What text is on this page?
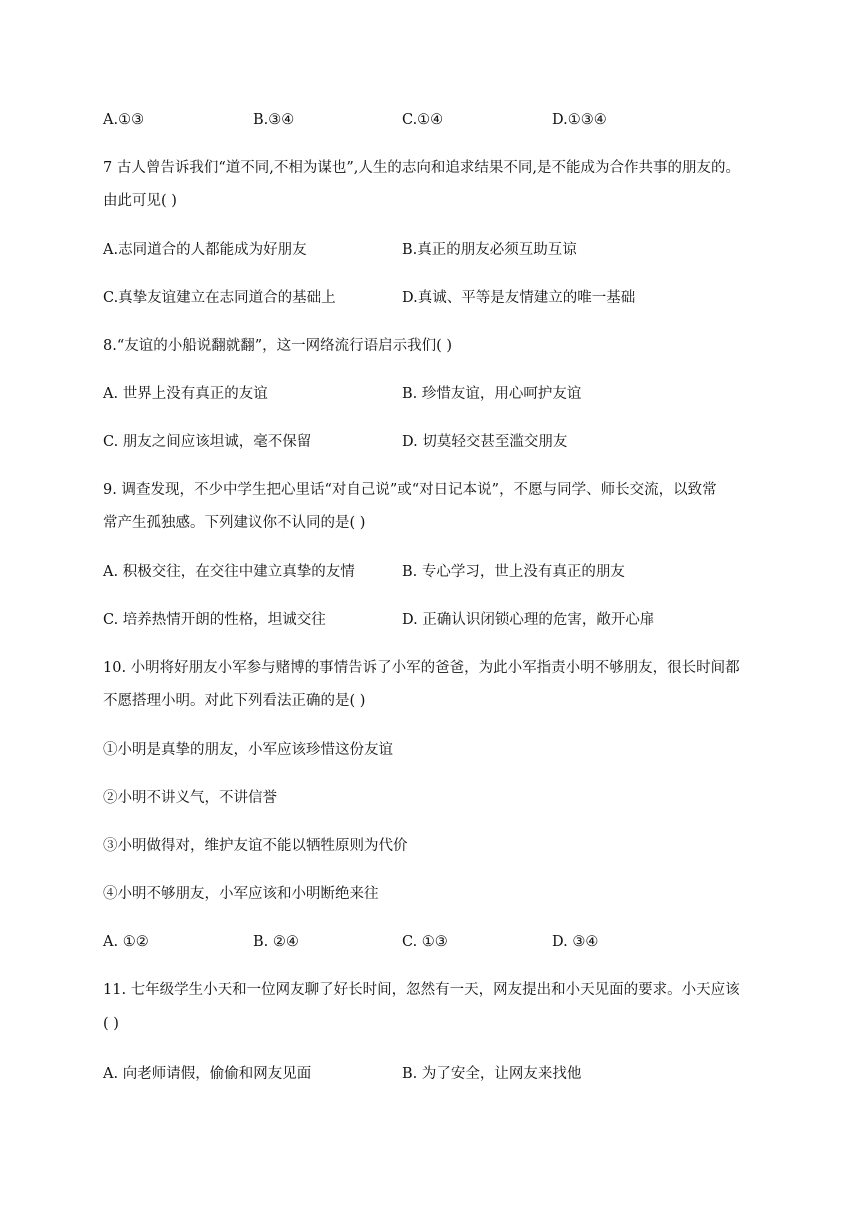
A.①③	B.③④	C.①④	D.①③④
7 古人曾告诉我们“道不同,不相为谋也”,人生的志向和追求结果不同,是不能成为合作共事的朋友的。
由此可见( )
A.志同道合的人都能成为好朋友	B.真正的朋友必须互助互谅
C.真挚友谊建立在志同道合的基础上	D.真诚、平等是友情建立的唯一基础
8.“友谊的小船说翻就翻”，这一网络流行语启示我们( )
A. 世界上没有真正的友谊	B. 珍惜友谊，用心呵护友谊
C. 朋友之间应该坦诚，毫不保留	D. 切莫轻交甚至滥交朋友
9. 调查发现，不少中学生把心里话“对自己说”或“对日记本说”，不愿与同学、师长交流，以致常
常产生孤独感。下列建议你不认同的是( )
A. 积极交往，在交往中建立真挚的友情	B. 专心学习，世上没有真正的朋友
C. 培养热情开朗的性格，坦诚交往	D. 正确认识闭锁心理的危害，敞开心扉
10. 小明将好朋友小军参与赌博的事情告诉了小军的爸爸，为此小军指责小明不够朋友，很长时间都
不愿搭理小明。对此下列看法正确的是( )
①小明是真挚的朋友，小军应该珍惜这份友谊
②小明不讲义气，不讲信誉
③小明做得对，维护友谊不能以牺牲原则为代价
④小明不够朋友，小军应该和小明断绝来往
A. ①②	B. ②④	C. ①③	D. ③④
11. 七年级学生小天和一位网友聊了好长时间，忽然有一天，网友提出和小天见面的要求。小天应该
( )
A. 向老师请假，偷偷和网友见面	B. 为了安全，让网友来找他
